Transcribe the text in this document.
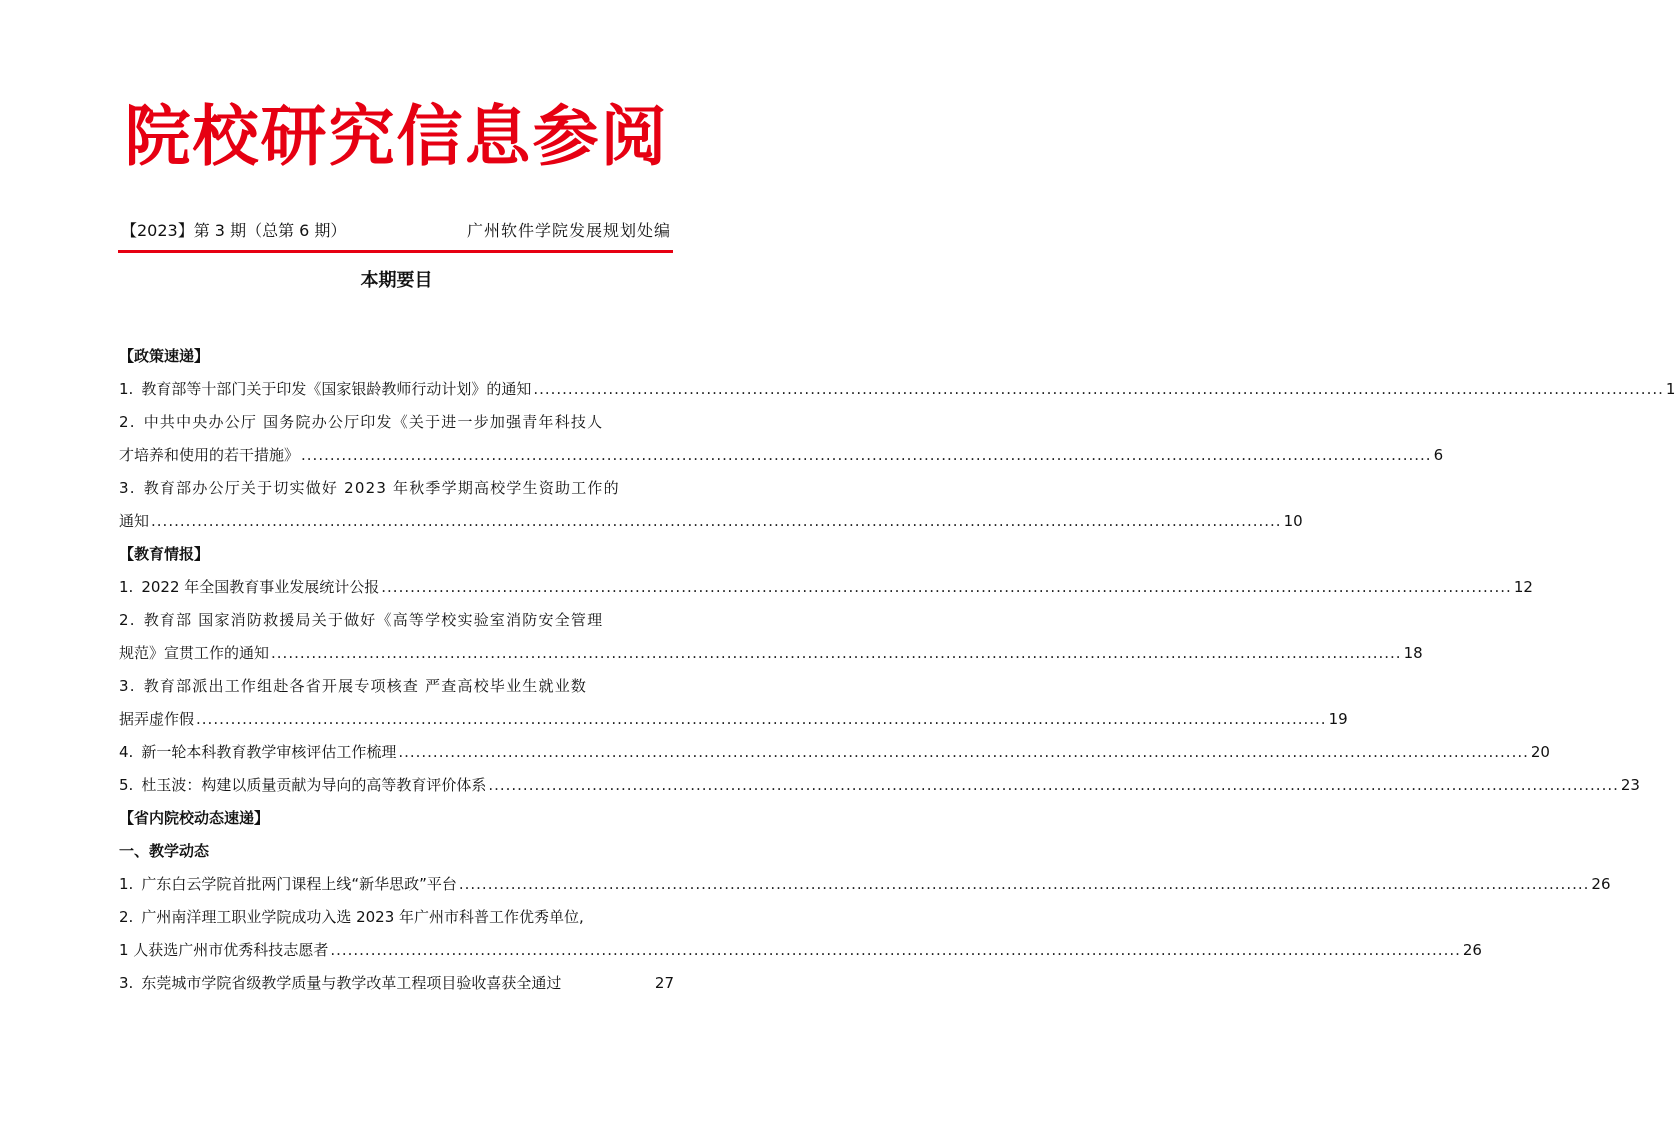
院校研究信息参阅
【2023】第 3 期（总第 6 期）	广州软件学院发展规划处编
本期要目
【政策速递】
1. 教育部等十部门关于印发《国家银龄教师行动计划》的通知 .....	1
2. 中共中央办公厅 国务院办公厅印发《关于进一步加强青年科技人
才培养和使用的若干措施》 .....	6
3. 教育部办公厅关于切实做好 2023 年秋季学期高校学生资助工作的
通知 .....	10
【教育情报】
1. 2022 年全国教育事业发展统计公报 .....	12
2. 教育部 国家消防救援局关于做好《高等学校实验室消防安全管理
规范》宣贯工作的通知 .....	18
3. 教育部派出工作组赴各省开展专项核查 严查高校毕业生就业数
据弄虚作假 .....	19
4. 新一轮本科教育教学审核评估工作梳理 .....	20
5. 杜玉波：构建以质量贡献为导向的高等教育评价体系 .....	23
【省内院校动态速递】
一、教学动态
1. 广东白云学院首批两门课程上线“新华思政”平台 .....	26
2. 广州南洋理工职业学院成功入选 2023 年广州市科普工作优秀单位,
1 人获选广州市优秀科技志愿者 .....	26
3. 东莞城市学院省级教学质量与教学改革工程项目验收喜获全通过	27
